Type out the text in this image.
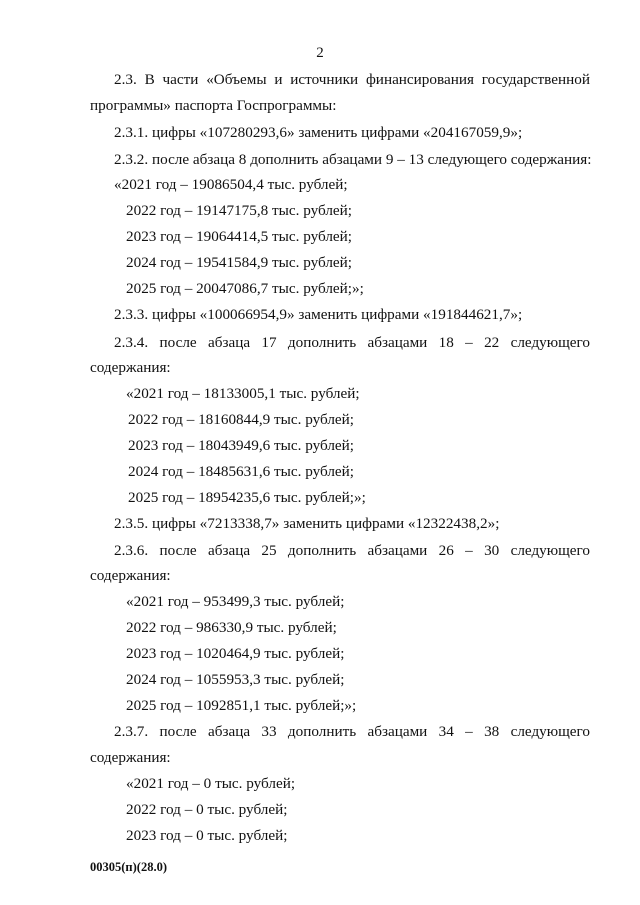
2
2.3. В части «Объемы и источники финансирования государственной
программы» паспорта Госпрограммы:
2.3.1. цифры «107280293,6» заменить цифрами «204167059,9»;
2.3.2. после абзаца 8 дополнить абзацами 9 – 13 следующего содержания:
«2021 год – 19086504,4 тыс. рублей;
2022 год – 19147175,8 тыс. рублей;
2023 год – 19064414,5 тыс. рублей;
2024 год – 19541584,9 тыс. рублей;
2025 год – 20047086,7 тыс. рублей;»;
2.3.3. цифры «100066954,9» заменить цифрами «191844621,7»;
2.3.4. после абзаца 17 дополнить абзацами 18 – 22 следующего
содержания:
«2021 год – 18133005,1 тыс. рублей;
2022 год – 18160844,9 тыс. рублей;
2023 год – 18043949,6 тыс. рублей;
2024 год – 18485631,6 тыс. рублей;
2025 год – 18954235,6 тыс. рублей;»;
2.3.5. цифры «7213338,7» заменить цифрами «12322438,2»;
2.3.6. после абзаца 25 дополнить абзацами 26 – 30 следующего
содержания:
«2021 год – 953499,3 тыс. рублей;
2022 год – 986330,9 тыс. рублей;
2023 год – 1020464,9 тыс. рублей;
2024 год – 1055953,3 тыс. рублей;
2025 год – 1092851,1 тыс. рублей;»;
2.3.7. после абзаца 33 дополнить абзацами 34 – 38 следующего
содержания:
«2021 год – 0 тыс. рублей;
2022 год – 0 тыс. рублей;
2023 год – 0 тыс. рублей;
00305(п)(28.0)
